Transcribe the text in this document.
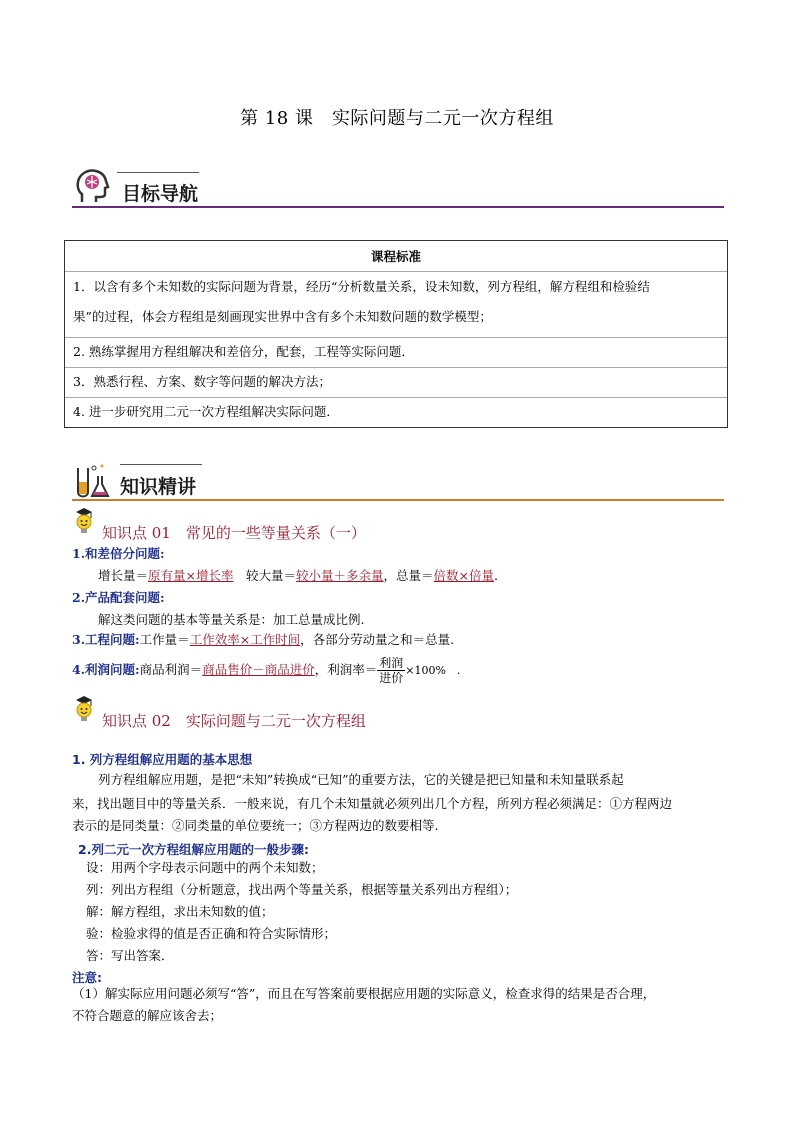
第 18 课　实际问题与二元一次方程组
目标导航
课程标准
1．以含有多个未知数的实际问题为背景，经历“分析数量关系，设未知数，列方程组，解方程组和检验结
果”的过程，体会方程组是刻画现实世界中含有多个未知数问题的数学模型；
2. 熟练掌握用方程组解决和差倍分，配套，工程等实际问题．
3．熟悉行程、方案、数字等问题的解决方法；
4. 进一步研究用二元一次方程组解决实际问题．
知识精讲
知识点 01　常见的一些等量关系（一）
1.和差倍分问题:
增长量＝原有量×增长率　较大量＝较小量＋多余量，总量＝倍数×倍量.
2.产品配套问题:
解这类问题的基本等量关系是：加工总量成比例.
3.工程问题:工作量＝工作效率×工作时间，各部分劳动量之和＝总量.
4.利润问题:商品利润＝商品售价－商品进价，利润率＝ $\frac{\text{利润}}{\text{进价}} \times 100\%$　.
知识点 02　实际问题与二元一次方程组
1. 列方程组解应用题的基本思想
列方程组解应用题，是把“未知”转换成“已知”的重要方法，它的关键是把已知量和未知量联系起
来，找出题目中的等量关系．一般来说，有几个未知量就必须列出几个方程，所列方程必须满足：①方程两边
表示的是同类量：②同类量的单位要统一；③方程两边的数要相等.
2.列二元一次方程组解应用题的一般步骤:
设：用两个字母表示问题中的两个未知数；
列：列出方程组（分析题意，找出两个等量关系，根据等量关系列出方程组）；
解：解方程组，求出未知数的值；
验：检验求得的值是否正确和符合实际情形；
答：写出答案．
注意:
（1）解实际应用问题必须写“答”，而且在写答案前要根据应用题的实际意义，检查求得的结果是否合理，
不符合题意的解应该舍去；
